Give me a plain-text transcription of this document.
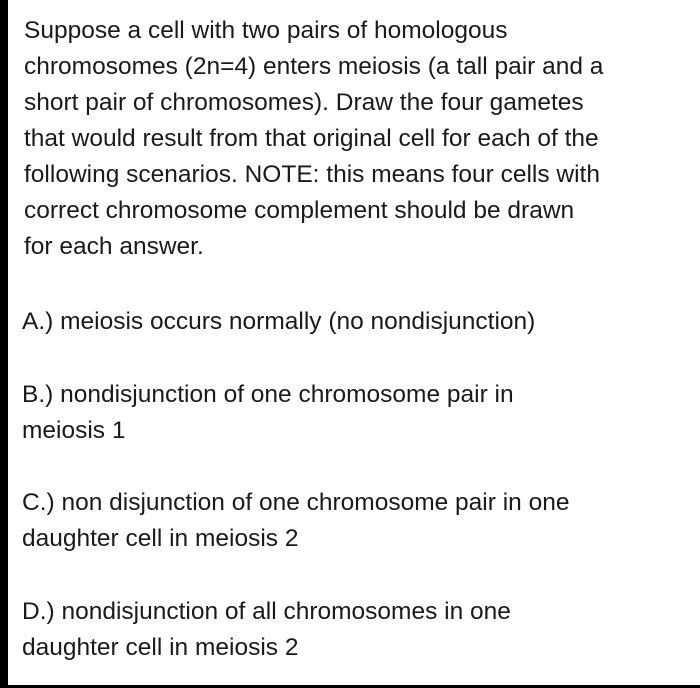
Suppose a cell with two pairs of homologous
chromosomes (2n=4) enters meiosis (a tall pair and a
short pair of chromosomes). Draw the four gametes
that would result from that original cell for each of the
following scenarios. NOTE: this means four cells with
correct chromosome complement should be drawn
for each answer.

A.) meiosis occurs normally (no nondisjunction)

B.) nondisjunction of one chromosome pair in
meiosis 1

C.) non disjunction of one chromosome pair in one
daughter cell in meiosis 2

D.) nondisjunction of all chromosomes in one
daughter cell in meiosis 2
